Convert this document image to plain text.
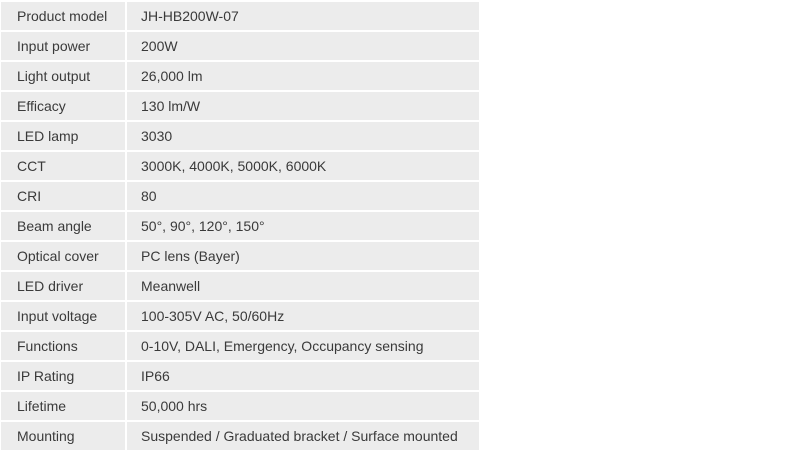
Product model	JH-HB200W-07
Input power	200W
Light output	26,000 lm
Efficacy	130 lm/W
LED lamp	3030
CCT	3000K, 4000K, 5000K, 6000K
CRI	80
Beam angle	50°, 90°, 120°, 150°
Optical cover	PC lens (Bayer)
LED driver	Meanwell
Input voltage	100-305V AC, 50/60Hz
Functions	0-10V, DALI, Emergency, Occupancy sensing
IP Rating	IP66
Lifetime	50,000 hrs
Mounting	Suspended / Graduated bracket / Surface mounted
